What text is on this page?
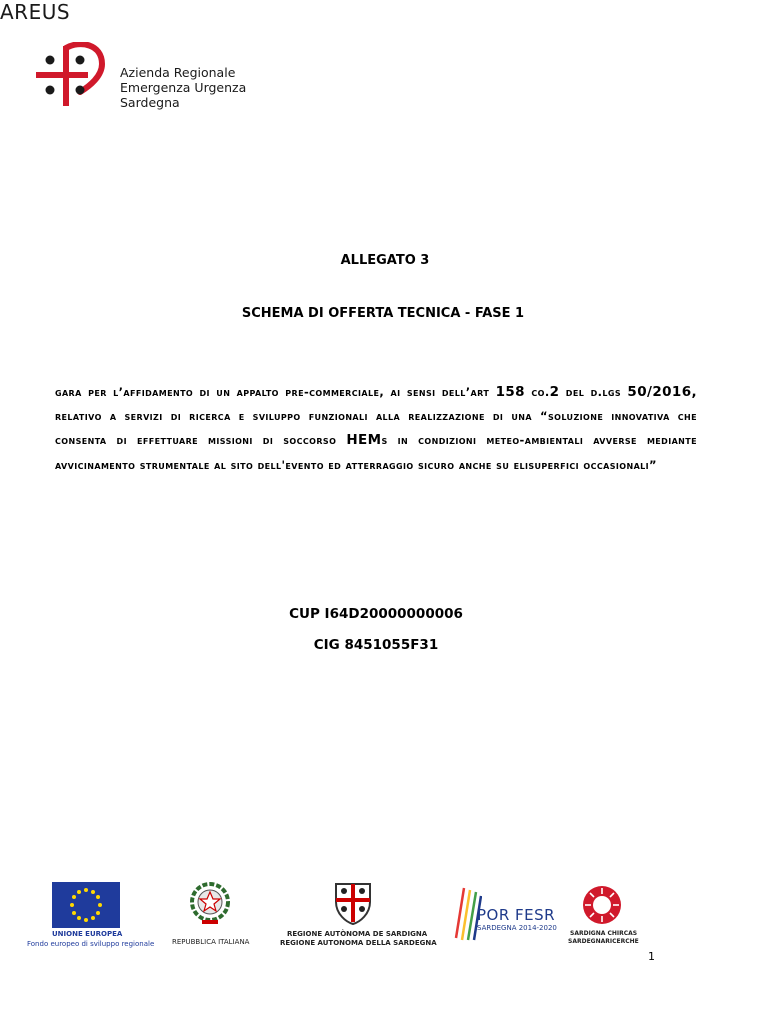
AREUS
Azienda Regionale
Emergenza Urgenza
Sardegna
ALLEGATO 3
SCHEMA DI OFFERTA TECNICA - FASE 1
gara per l’affidamento di un appalto pre-commerciale, ai sensi dell’art 158 co.2 del d.lgs 50/2016, relativo a servizi di ricerca e sviluppo funzionali alla realizzazione di una “soluzione innovativa che consenta di effettuare missioni di soccorso HEMs in condizioni meteo-ambientali avverse mediante avvicinamento strumentale al sito dell'evento ed atterraggio sicuro anche su elisuperfici occasionali”
CUP I64D20000000006
CIG 8451055F31
UNIONE EUROPEA
Fondo europeo di sviluppo regionale	REPUBBLICA ITALIANA
REGIONE AUTÒNOMA DE SARDIGNA
REGIONE AUTONOMA DELLA SARDEGNA
POR FESR
SARDEGNA 2014-2020
SARDIGNA CHIRCAS
SARDEGNARICERCHE
1
